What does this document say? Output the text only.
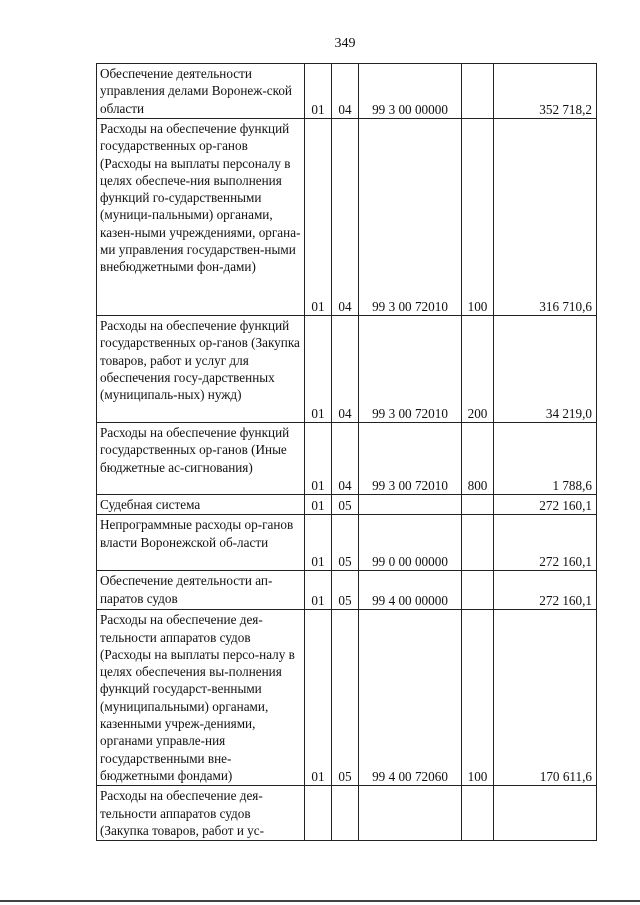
349
Обеспечение деятельности управления делами Воронеж-ской области	01	04	99 3 00 00000		352 718,2
Расходы на обеспечение функций государственных ор-ганов (Расходы на выплаты персоналу в целях обеспече-ния выполнения функций го-сударственными (муници-пальными) органами, казен-ными учреждениями, органа-ми управления государствен-ными внебюджетными фон-дами)	01	04	99 3 00 72010	100	316 710,6
Расходы на обеспечение функций государственных ор-ганов (Закупка товаров, работ и услуг для обеспечения госу-дарственных (муниципаль-ных) нужд)	01	04	99 3 00 72010	200	34 219,0
Расходы на обеспечение функций государственных ор-ганов (Иные бюджетные ас-сигнования)	01	04	99 3 00 72010	800	1 788,6
Судебная система	01	05			272 160,1
Непрограммные расходы ор-ганов власти Воронежской об-ласти	01	05	99 0 00 00000		272 160,1
Обеспечение деятельности ап-паратов судов	01	05	99 4 00 00000		272 160,1
Расходы на обеспечение дея-тельности аппаратов судов (Расходы на выплаты персо-налу в целях обеспечения вы-полнения функций государст-венными (муниципальными) органами, казенными учреж-дениями, органами управле-ния государственными вне-бюджетными фондами)	01	05	99 4 00 72060	100	170 611,6
Расходы на обеспечение дея-тельности аппаратов судов (Закупка товаров, работ и ус-					
